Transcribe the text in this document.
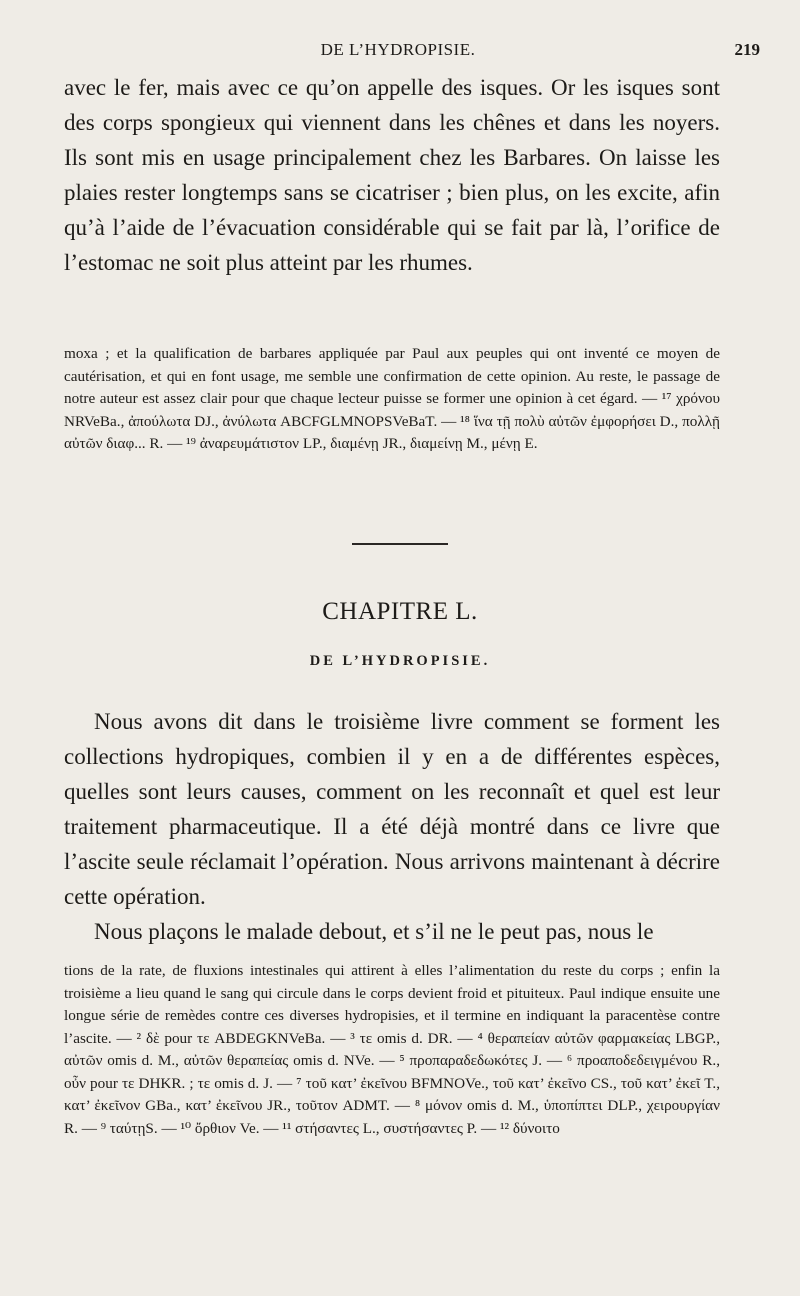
DE L’HYDROPISIE.	219

avec le fer, mais avec ce qu’on appelle des isques. Or les isques sont des corps spongieux qui viennent dans les chênes et dans les noyers. Ils sont mis en usage principalement chez les Barbares. On laisse les plaies rester longtemps sans se cicatriser ; bien plus, on les excite, afin qu’à l’aide de l’évacuation considérable qui se fait par là, l’orifice de l’estomac ne soit plus atteint par les rhumes.

moxa ; et la qualification de barbares appliquée par Paul aux peuples qui ont inventé ce moyen de cautérisation, et qui en font usage, me semble une confirmation de cette opinion. Au reste, le passage de notre auteur est assez clair pour que chaque lecteur puisse se former une opinion à cet égard. — ¹⁷ χρόνου NRVeBa., ἀπούλωτα DJ., ἀνύλωτα ABCFGLMNOPSVeBaT. — ¹⁸ ἵνα τῇ πολὺ αὐτῶν ἐμφορήσει D., πολλῇ αὐτῶν διαφ... R. — ¹⁹ ἀναρευμάτιστον LP., διαμένῃ JR., διαμείνῃ M., μένῃ E.

CHAPITRE L.
DE L’HYDROPISIE.

Nous avons dit dans le troisième livre comment se forment les collections hydropiques, combien il y en a de différentes espèces, quelles sont leurs causes, comment on les reconnaît et quel est leur traitement pharmaceutique. Il a été déjà montré dans ce livre que l’ascite seule réclamait l’opération. Nous arrivons maintenant à décrire cette opération.

Nous plaçons le malade debout, et s’il ne le peut pas, nous le

tions de la rate, de fluxions intestinales qui attirent à elles l’alimentation du reste du corps ; enfin la troisième a lieu quand le sang qui circule dans le corps devient froid et pituiteux. Paul indique ensuite une longue série de remèdes contre ces diverses hydropisies, et il termine en indiquant la paracentèse contre l’ascite. — ² δὲ pour τε ABDEGKNVeBa. — ³ τε omis d. DR. — ⁴ θεραπείαν αὐτῶν φαρμακείας LBGP., αὐτῶν omis d. M., αὐτῶν θεραπείας omis d. NVe. — ⁵ προπαραδεδωκότες J. — ⁶ προαποδεδειγμένου R., οὖν pour τε DHKR. ; τε omis d. J. — ⁷ τοῦ κατ’ ἐκεῖνου BFMNOVe., τοῦ κατ’ ἐκεῖνο CS., τοῦ κατ’ ἐκεῖ T., κατ’ ἐκεῖνον GBa., κατ’ ἐκεῖνου JR., τοῦτον ADMT. — ⁸ μόνον omis d. M., ὑποπίπτει DLP., χειρουργίαν R. — ⁹ ταύτῃS. — ¹⁰ ὄρθιον Ve. — ¹¹ στήσαντες L., συστήσαντες P. — ¹² δύνοιτο
